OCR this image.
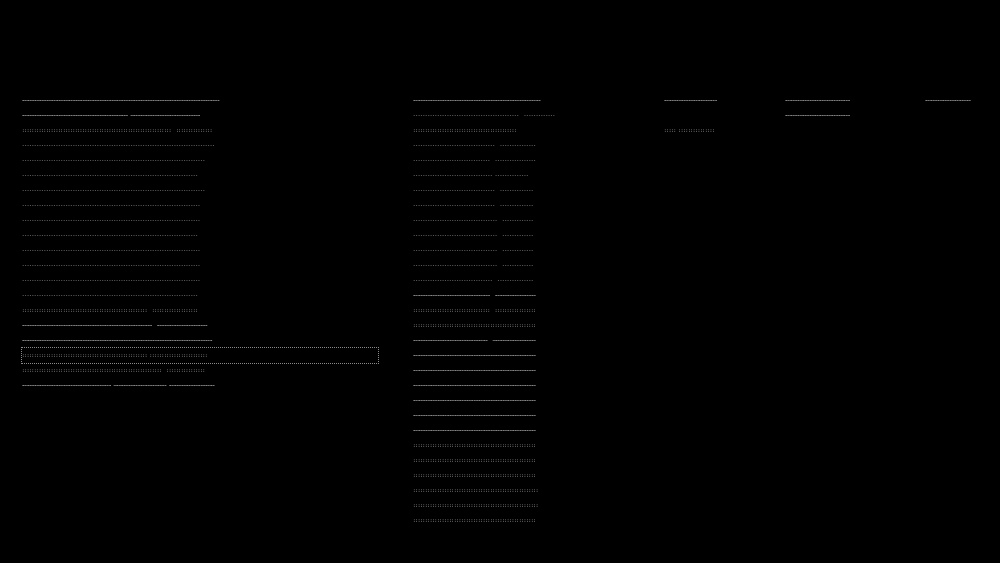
~~~~~~~~~~~~~~~~~~~~~~~~~~~~~~~~~~~~~~~~~~~~~~~~~~~~~~~~~~~~~~~~~~~~~~~~~~~~~~~~~~
~~~~~~~~~~~~~~~~~~~~~~~~~~~~~~~~~~~~~~~~~~~~ ~~~~~~~~~~~~~~~~~~~~~~~~~~~~~
::::::::::::::::::::::::::::::::::::::::::::::::::::::::::::::  :::::::::::::::
--------------------------------------------------------------------------------
----------------------------------------------------------------------------
-------------------------------------------------------------------------
----------------------------------------------------------------------------
--------------------------------------------------------------------------
--------------------------------------------------------------------------
-------------------------------------------------------------------------
--------------------------------------------------------------------------
--------------------------------------------------------------------------
--------------------------------------------------------------------------
-------------------------------------------------------------------------
::::::::::::::::::::::::::::::::::::::::::::::::::::  :::::::::::::::::::
~~~~~~~~~~~~~~~~~~~~~~~~~~~~~~~~~~~~~~~~~~~~~~~~~~~~~~  ~~~~~~~~~~~~~~~~~~~~~
~~~~~~~~~~~~~~~~~~~~~~~~~~~~~~~~~~~~~~~~~~~~~~~~~~~~~~~~~~~~~~~~~~~~~~~~~~~~~~~
:::::::::::::::::::::::::::::::::::::::::::::::::::: ::::::::::::::::::::::::
::::::::::::::::::::::::::::::::::::::::::::::::::::::::::  ::::::::::::::::
~~~~~~~~~~~~~~~~~~~~~~~~~~~~~~~~~~~~~ ~~~~~~~~~~~~~~~~~~~~~~ ~~~~~~~~~~~~~~~~~~~
~~~~~~~~~~~~~~~~~~~~~~~~~~~~~~~~~~~~~~~~~~~~~~~~~~~~~
--------------------------------------------  -------------
:::::::::::::::::::::::::::::::::::::::::::
----------------------------------  ---------------
--------------------------------  -----------------
--------------------------------- --------------
----------------------------------  --------------
----------------------------------  --------------
-----------------------------------  -------------
-----------------------------------  -------------
-----------------------------------  -------------
-----------------------------------  -------------
---------------------------------  ---------------
~~~~~~~~~~~~~~~~~~~~~~~~~~~~~~~~  ~~~~~~~~~~~~~~~~~
::::::::::::::::::::::::::::::::  :::::::::::::::::
:::::::::::::::::::::::::::::::::::::::::::::::::::
~~~~~~~~~~~~~~~~~~~~~~~~~~~~~~~  ~~~~~~~~~~~~~~~~~~
~~~~~~~~~~~~~~~~~~~~~~~~~~~~~~~~~~~~~~~~~~~~~~~~~~~
~~~~~~~~~~~~~~~~~~~~~~~~~~~~~~~~~~~~~~~~~~~~~~~~~~~
~~~~~~~~~~~~~~~~~~~~~~~~~~~~~~~~~~~~~~~~~~~~~~~~~~~
~~~~~~~~~~~~~~~~~~~~~~~~~~~~~~~~~~~~~~~~~~~~~~~~~~~
~~~~~~~~~~~~~~~~~~~~~~~~~~~~~~~~~~~~~~~~~~~~~~~~~~~
~~~~~~~~~~~~~~~~~~~~~~~~~~~~~~~~~~~~~~~~~~~~~~~~~~~
:::::::::::::::::::::::::::::::::::::::::::::::::::
:::::::::::::::::::::::::::::::::::::::::::::::::::
:::::::::::::::::::::::::::::::::::::::::::::::::::
::::::::::::::::::::::::::::::::::::::::::::::::::::
::::::::::::::::::::::::::::::::::::::::::::::::::::
:::::::::::::::::::::::::::::::::::::::::::::::::::
~~~~~~~~~~~~~~~~~~~~~~
::::: :::::::::::::::
~~~~~~~~~~~~~~~~~~~~~~~~~~~
~~~~~~~~~~~~~~~~~~~~~~~~~~~
~~~~~~~~~~~~~~~~~~~
